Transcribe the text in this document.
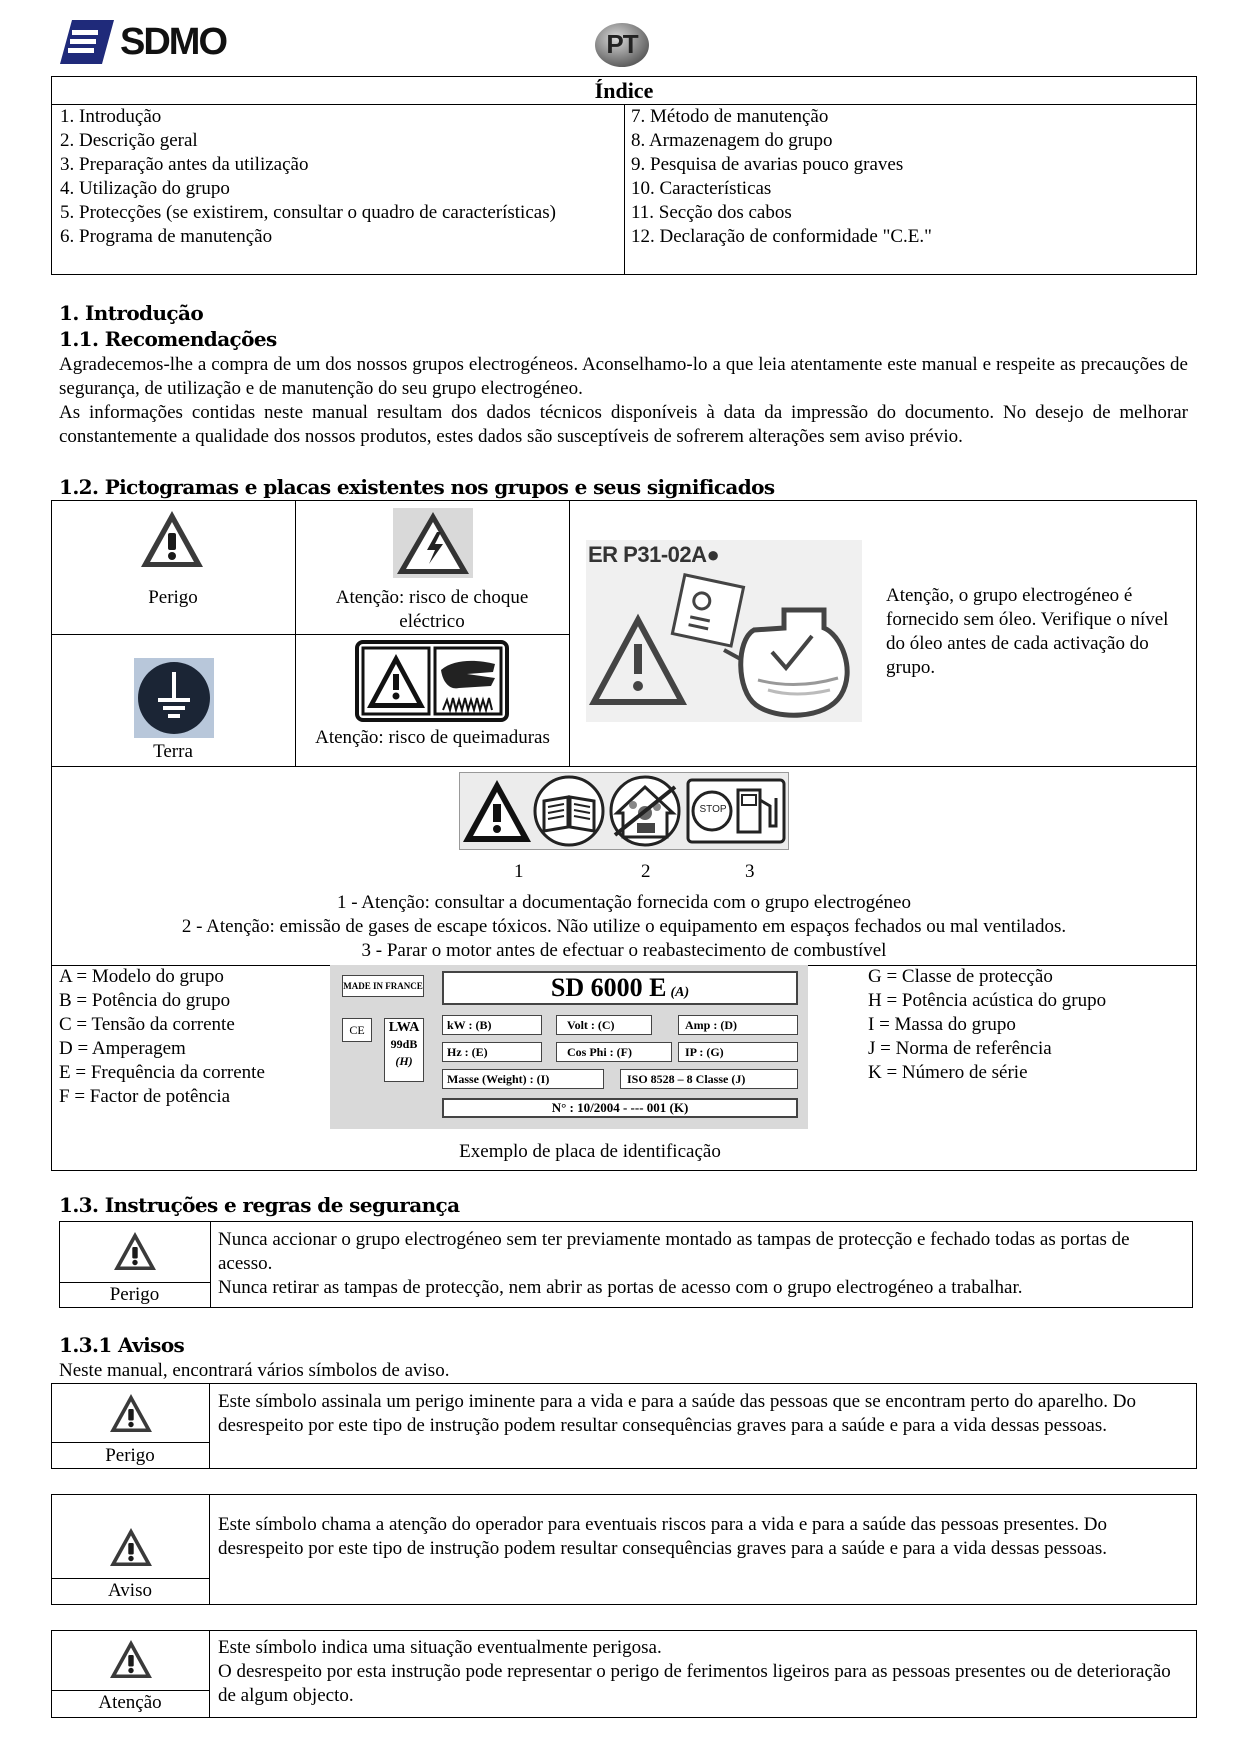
SDMO	PT
Índice
1. Introdução
2. Descrição geral
3. Preparação antes da utilização
4. Utilização do grupo
5. Protecções (se existirem, consultar o quadro de características)
6. Programa de manutenção
7. Método de manutenção
8. Armazenagem do grupo
9. Pesquisa de avarias pouco graves
10. Características
11. Secção dos cabos
12. Declaração de conformidade "C.E."
1. Introdução
1.1. Recomendações
Agradecemos-lhe a compra de um dos nossos grupos electrogéneos. Aconselhamo-lo a que leia atentamente este manual e respeite as precauções de segurança, de utilização e de manutenção do seu grupo electrogéneo.
As informações contidas neste manual resultam dos dados técnicos disponíveis à data da impressão do documento. No desejo de melhorar constantemente a qualidade dos nossos produtos, estes dados são susceptíveis de sofrerem alterações sem aviso prévio.
1.2. Pictogramas e placas existentes nos grupos e seus significados
Perigo	Atenção: risco de choque eléctrico
ER P31-02A●
Atenção, o grupo electrogéneo é fornecido sem óleo. Verifique o nível do óleo antes de cada activação do grupo.
Terra
Atenção: risco de queimaduras
STOP
1	2	3
1 - Atenção: consultar a documentação fornecida com o grupo electrogéneo
2 - Atenção: emissão de gases de escape tóxicos. Não utilize o equipamento em espaços fechados ou mal ventilados.
3 - Parar o motor antes de efectuar o reabastecimento de combustível
A = Modelo do grupo
B = Potência do grupo
C = Tensão da corrente
D = Amperagem
E = Frequência da corrente
F = Factor de potência
G = Classe de protecção
H = Potência acústica do grupo
I = Massa do grupo
J = Norma de referência
K = Número de série
MADE IN FRANCE	SD 6000 E (A)
CE	LWA
99dB
(H)
kW : (B)	Volt : (C)	Amp : (D)
Hz : (E)	Cos Phi : (F)	IP : (G)
Masse (Weight) : (I)	ISO 8528 – 8 Classe (J)
N° : 10/2004 - --- 001 (K)
Exemplo de placa de identificação
1.3. Instruções e regras de segurança
Perigo
Nunca accionar o grupo electrogéneo sem ter previamente montado as tampas de protecção e fechado todas as portas de acesso.
Nunca retirar as tampas de protecção, nem abrir as portas de acesso com o grupo electrogéneo a trabalhar.
1.3.1 Avisos
Neste manual, encontrará vários símbolos de aviso.
Perigo
Este símbolo assinala um perigo iminente para a vida e para a saúde das pessoas que se encontram perto do aparelho. Do desrespeito por este tipo de instrução podem resultar consequências graves para a saúde e para a vida dessas pessoas.
Aviso
Este símbolo chama a atenção do operador para eventuais riscos para a vida e para a saúde das pessoas presentes. Do desrespeito por este tipo de instrução podem resultar consequências graves para a saúde e para a vida dessas pessoas.
Atenção
Este símbolo indica uma situação eventualmente perigosa.
O desrespeito por esta instrução pode representar o perigo de ferimentos ligeiros para as pessoas presentes ou de deterioração de algum objecto.
